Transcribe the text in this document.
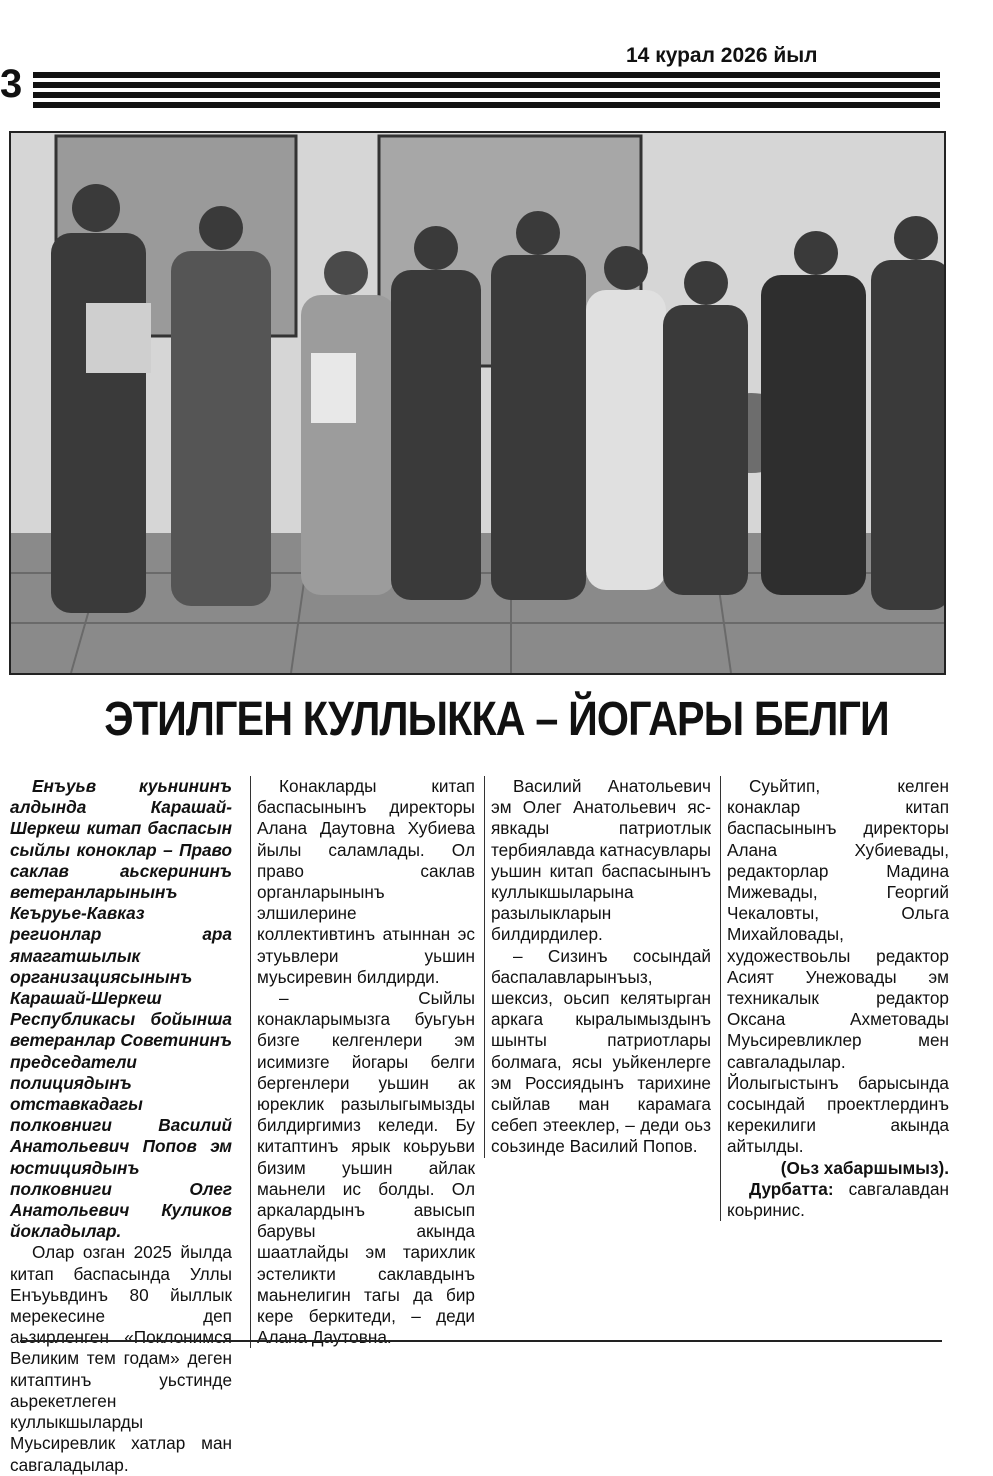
3
14 курал 2026 йыл
ЭТИЛГЕН КУЛЛЫККА – ЙОГАРЫ БЕЛГИ

Енъуьв куьнининъ алдында Карашай-Шеркеш китап баспасын сыйлы коноклар – Право саклав аьскерининъ ветеранларынынъ Кеъруье-Кавказ регионлар ара ямагатшылык организациясынынъ Карашай-Шеркеш Республикасы бойынша ветеранлар Советининъ председатели полициядынъ отставкадагы полковниги Василий Анатольевич Попов эм юстициядынъ полковниги Олег Анатольевич Куликов йокладылар.

Олар озган 2025 йылда китап баспасында Уллы Енъуьвдинъ 80 йыллык мерекесине деп аьзирленген «Поклонимся Великим тем годам» деген китаптинъ уьстинде аьрекетлеген куллыкшыларды Муьсиревлик хатлар ман савгаладылар.

Конакларды китап баспасынынъ директоры Алана Даутовна Хубиева йылы саламлады. Ол право саклав органларынынъ элшилерине коллективтинъ атыннан эс этуьвлери уьшин муьсиревин билдирди.

– Сыйлы конакларымызга буьгуьн бизге келгенлери эм исимизге йогары белги бергенлери уьшин ак юреклик разылыгымызды билдиргимиз келеди. Бу китаптинъ ярык коьруьви бизим уьшин айлак маьнели ис болды. Ол аркалардынъ авысып барувы акында шаатлайды эм тарихлик эстеликти саклавдынъ маьнелигин тагы да бир кере беркитеди, – деди Алана Даутовна.

Василий Анатольевич эм Олег Анатольевич яс-явкады патриотлык тербиялавда катнасувлары уьшин китап баспасынынъ куллыкшыларына разылыкларын билдирдилер.

– Сизинъ сосындай баспалавларынъыз, шексиз, оьсип келятырган аркага кыралымыздынъ шынты патриотлары болмага, ясы уьйкенлерге эм Россиядынъ тарихине сыйлав ман карамага себеп этееклер, – деди оьз соьзинде Василий Попов.

Суьйтип, келген конаклар китап баспасынынъ директоры Алана Хубиевады, редакторлар Мадина Мижевады, Георгий Чекаловты, Ольга Михайловады, художествоьлы редактор Асият Унежовады эм техникалык редактор Оксана Ахметовады Муьсиревликлер мен савгаладылар. Йолыгыстынъ барысында сосындай проектлердинъ керекилиги акында айтылды.

(Оьз хабаршымыз).

Дурбатта: савгалавдан коьринис.
